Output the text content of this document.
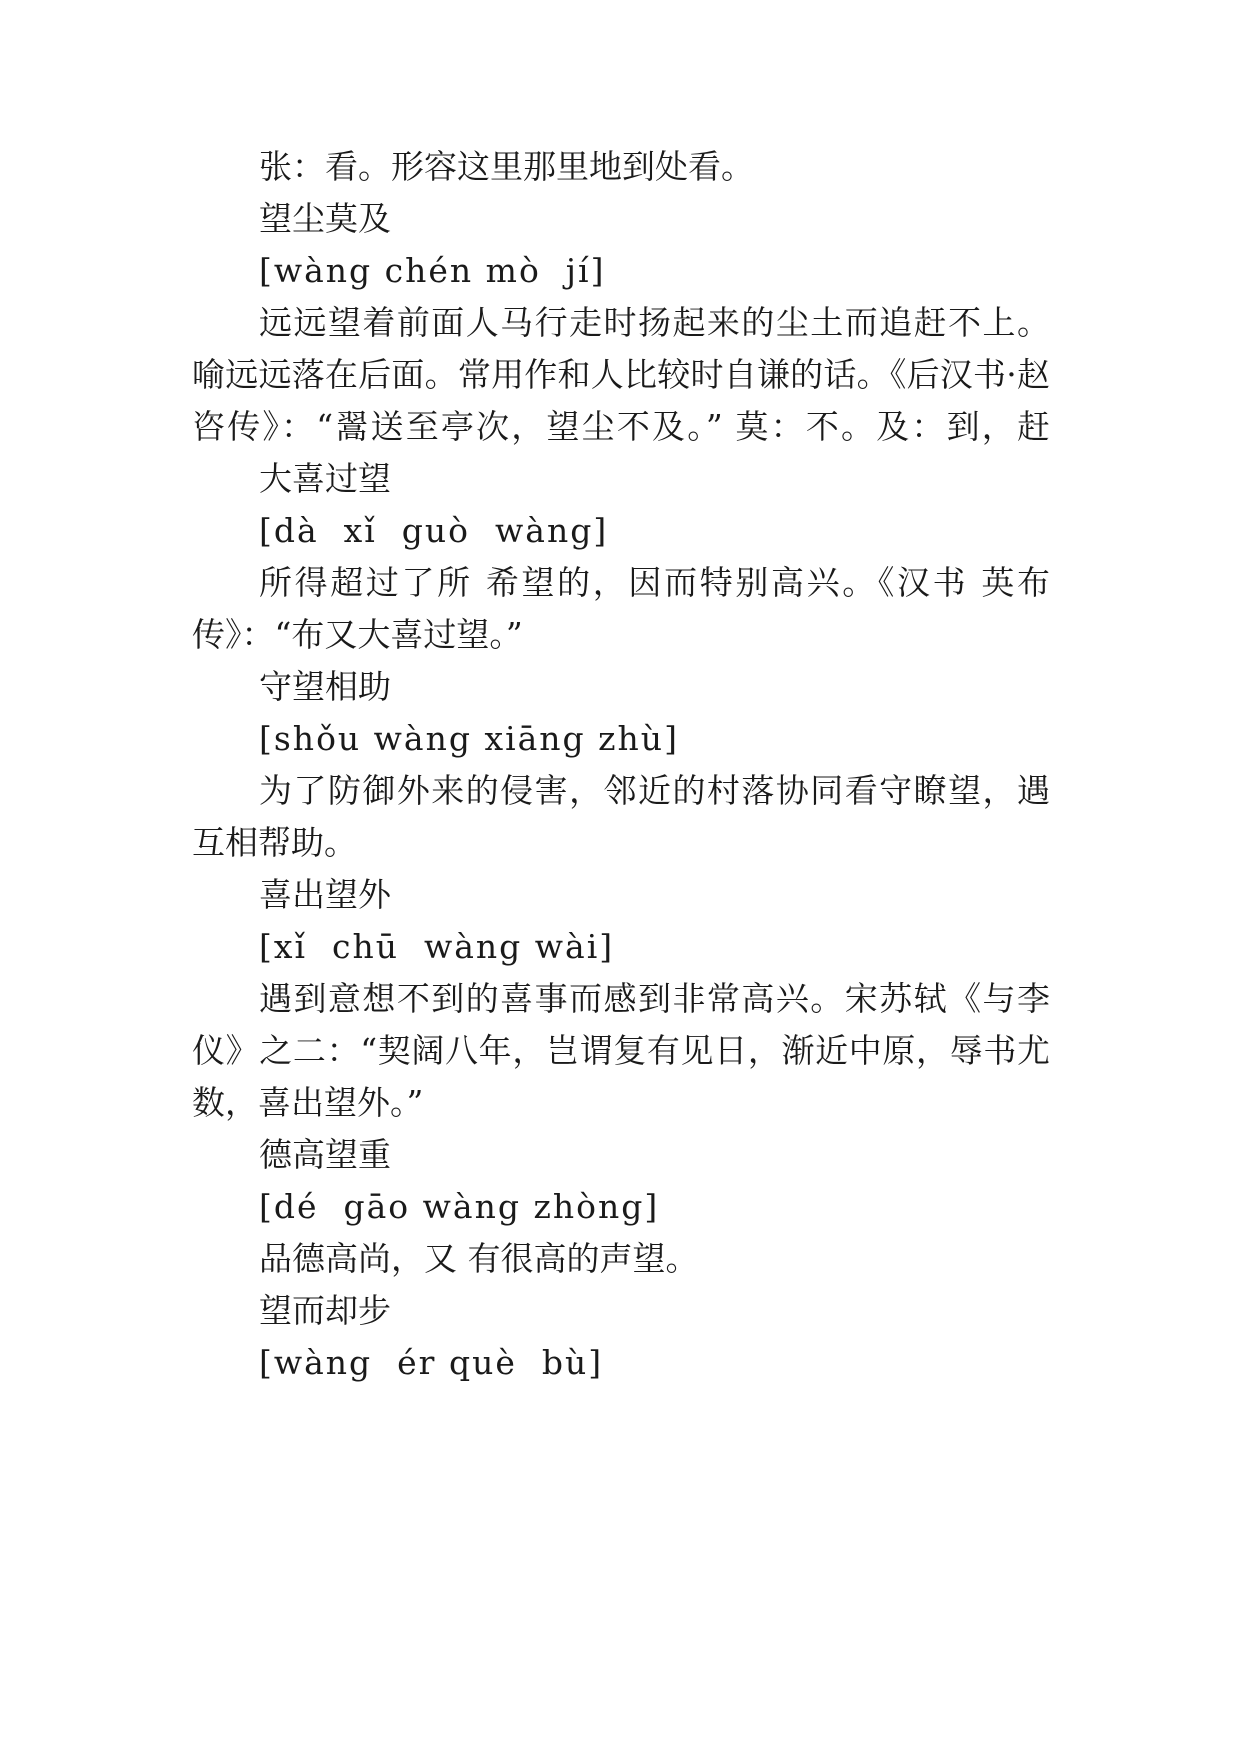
张：看。形容这里那里地到处看。
望尘莫及
[wàng chén mò  jí]
远远望着前面人马行走时扬起来的尘土而追赶不上。
喻远远落在后面。常用作和人比较时自谦的话。《后汉书·赵
咨传》：“翯送至亭次，望尘不及。” 莫：不。及：到，赶
大喜过望
[dà  xǐ  guò  wàng]
所得超过了所 希望的，因而特别高兴。《汉书 英布
传》：“布又大喜过望。”
守望相助
[shǒu wàng xiāng zhù]
为了防御外来的侵害，邻近的村落协同看守瞭望，遇
互相帮助。
喜出望外
[xǐ  chū  wàng wài]
遇到意想不到的喜事而感到非常高兴。宋苏轼《与李
仪》之二：“契阔八年，岂谓复有见日，渐近中原，辱书尤
数，喜出望外。”
德高望重
[dé  gāo wàng zhòng]
品德高尚，又 有很高的声望。
望而却步
[wàng  ér què  bù]
